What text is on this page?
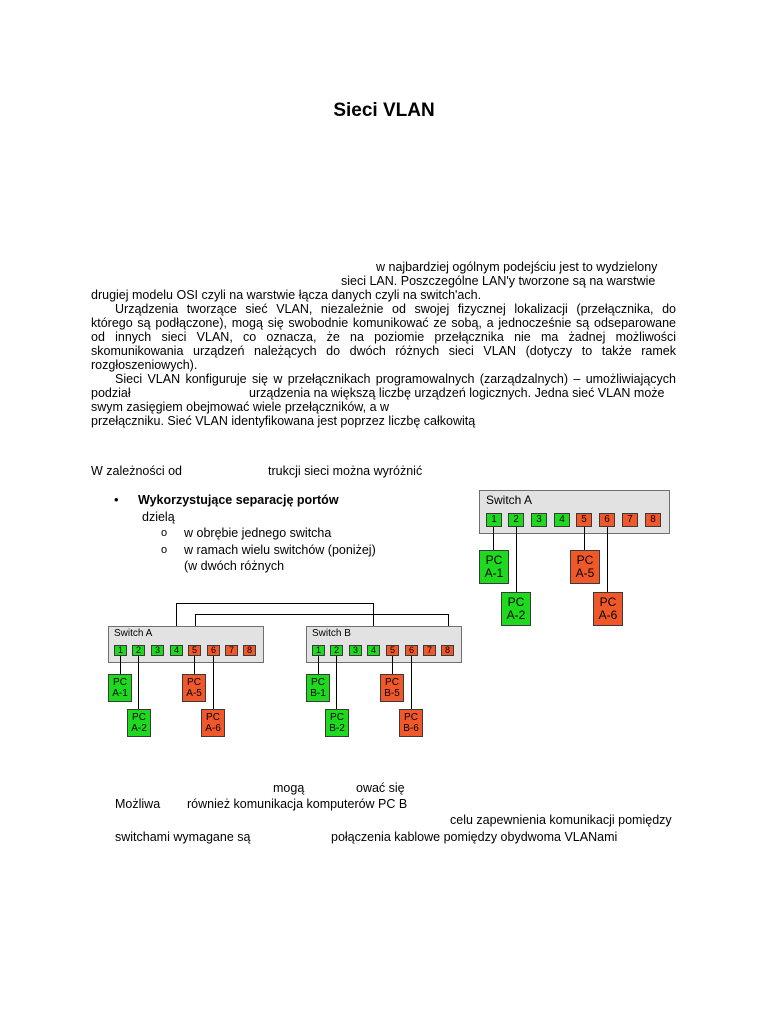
Sieci VLAN
w najbardziej ogólnym podejściu jest to wydzielony
sieci LAN. Poszczególne LAN'y tworzone są na warstwie
drugiej modelu OSI czyli na warstwie łącza danych czyli na switch'ach.
Urządzenia tworzące sieć VLAN, niezależnie od swojej fizycznej lokalizacji (przełącznika, do
którego są podłączone), mogą się swobodnie komunikować ze sobą, a jednocześnie są odseparowane
od innych sieci VLAN, co oznacza, że na poziomie przełącznika nie ma żadnej możliwości
skomunikowania urządzeń należących do dwóch różnych sieci VLAN (dotyczy to także ramek
rozgłoszeniowych).
Sieci VLAN konfiguruje się w przełącznikach programowalnych (zarządzalnych) – umożliwiających
podział	urządzenia na większą liczbę urządzeń logicznych. Jedna sieć VLAN może
swym zasięgiem obejmować wiele przełączników, a w
przełączniku. Sieć VLAN identyfikowana jest poprzez liczbę całkowitą
W zależności od	trukcji sieci można wyróżnić
• Wykorzystujące separację portów
dzielą
o w obrębie jednego switcha
o w ramach wielu switchów (poniżej)
(w dwóch różnych
Switch A
1	2	3	4	5	6	7	8
PC
A-1
PC
A-2
PC
A-5
PC
A-6
Switch A
1	2	3	4	5	6	7	8
Switch B
1	2	3	4	5	6	7	8
PC
A-1
PC
A-2
PC
A-5
PC
A-6
PC
B-1
PC
B-2
PC
B-5
PC
B-6
mogą	ować się
Możliwa również komunikacja komputerów PC B
celu zapewnienia komunikacji pomiędzy
switchami wymagane są	połączenia kablowe pomiędzy obydwoma VLANami
